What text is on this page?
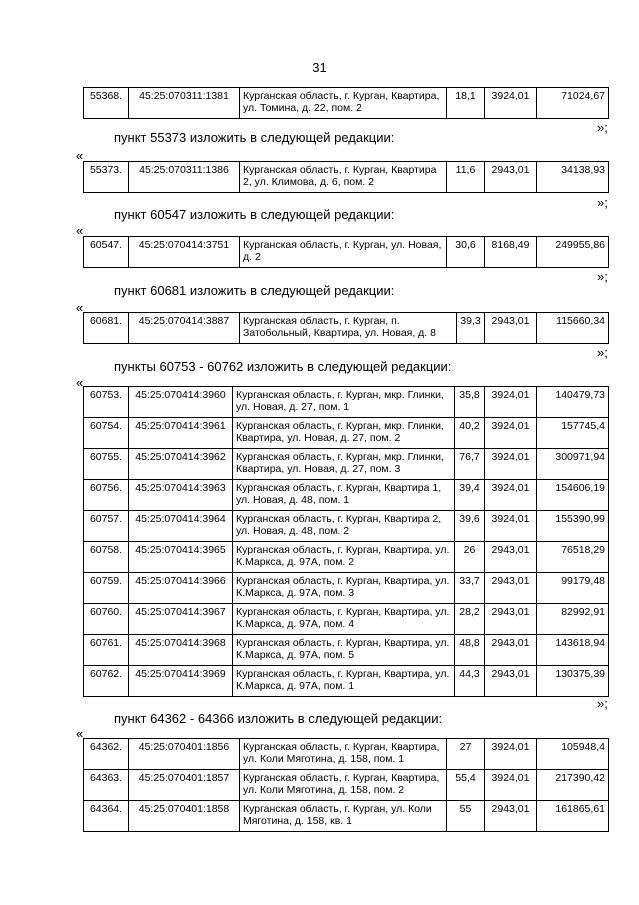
31
55368.	45:25:070311:1381	Курганская область, г. Курган, Квартира, ул. Томина, д. 22, пом. 2	18,1	3924,01	71024,67
»;
пункт 55373 изложить в следующей редакции:
«
55373.	45:25:070311:1386	Курганская область, г. Курган, Квартира 2, ул. Климова, д. 6, пом. 2	11,6	2943,01	34138,93
»;
пункт 60547 изложить в следующей редакции:
«
60547.	45:25:070414:3751	Курганская область, г. Курган, ул. Новая, д. 2	30,6	8168,49	249955,86
»;
пункт 60681 изложить в следующей редакции:
«
60681.	45:25:070414:3887	Курганская область, г. Курган, п. Затобольный, Квартира, ул. Новая, д. 8	39,3	2943,01	115660,34
»;
пункты 60753 - 60762 изложить в следующей редакции:
«
60753.	45:25:070414:3960	Курганская область, г. Курган, мкр. Глинки, ул. Новая, д. 27, пом. 1	35,8	3924,01	140479,73
60754.	45:25:070414:3961	Курганская область, г. Курган, мкр. Глинки, Квартира, ул. Новая, д. 27, пом. 2	40,2	3924,01	157745,4
60755.	45:25:070414:3962	Курганская область, г. Курган, мкр. Глинки, Квартира, ул. Новая, д. 27, пом. 3	76,7	3924,01	300971,94
60756.	45:25:070414:3963	Курганская область, г. Курган, Квартира 1, ул. Новая, д. 48, пом. 1	39,4	3924,01	154606,19
60757.	45:25:070414:3964	Курганская область, г. Курган, Квартира 2, ул. Новая, д. 48, пом. 2	39,6	3924,01	155390,99
60758.	45:25:070414:3965	Курганская область, г. Курган, Квартира, ул. К.Маркса, д. 97А, пом. 2	26	2943,01	76518,29
60759.	45:25:070414:3966	Курганская область, г. Курган, Квартира, ул. К.Маркса, д. 97А, пом. 3	33,7	2943,01	99179,48
60760.	45:25:070414:3967	Курганская область, г. Курган, Квартира, ул. К.Маркса, д. 97А, пом. 4	28,2	2943,01	82992,91
60761.	45:25:070414:3968	Курганская область, г. Курган, Квартира, ул. К.Маркса, д. 97А, пом. 5	48,8	2943,01	143618,94
60762.	45:25:070414:3969	Курганская область, г. Курган, Квартира, ул. К.Маркса, д. 97А, пом. 1	44,3	2943,01	130375,39
»;
пункт 64362 - 64366 изложить в следующей редакции:
«
64362.	45:25:070401:1856	Курганская область, г. Курган, Квартира, ул. Коли Мяготина, д. 158, пом. 1	27	3924,01	105948,4
64363.	45:25:070401:1857	Курганская область, г. Курган, Квартира, ул. Коли Мяготина, д. 158, пом. 2	55,4	3924,01	217390,42
64364.	45:25:070401:1858	Курганская область, г. Курган, ул. Коли Мяготина, д. 158, кв. 1	55	2943,01	161865,61
